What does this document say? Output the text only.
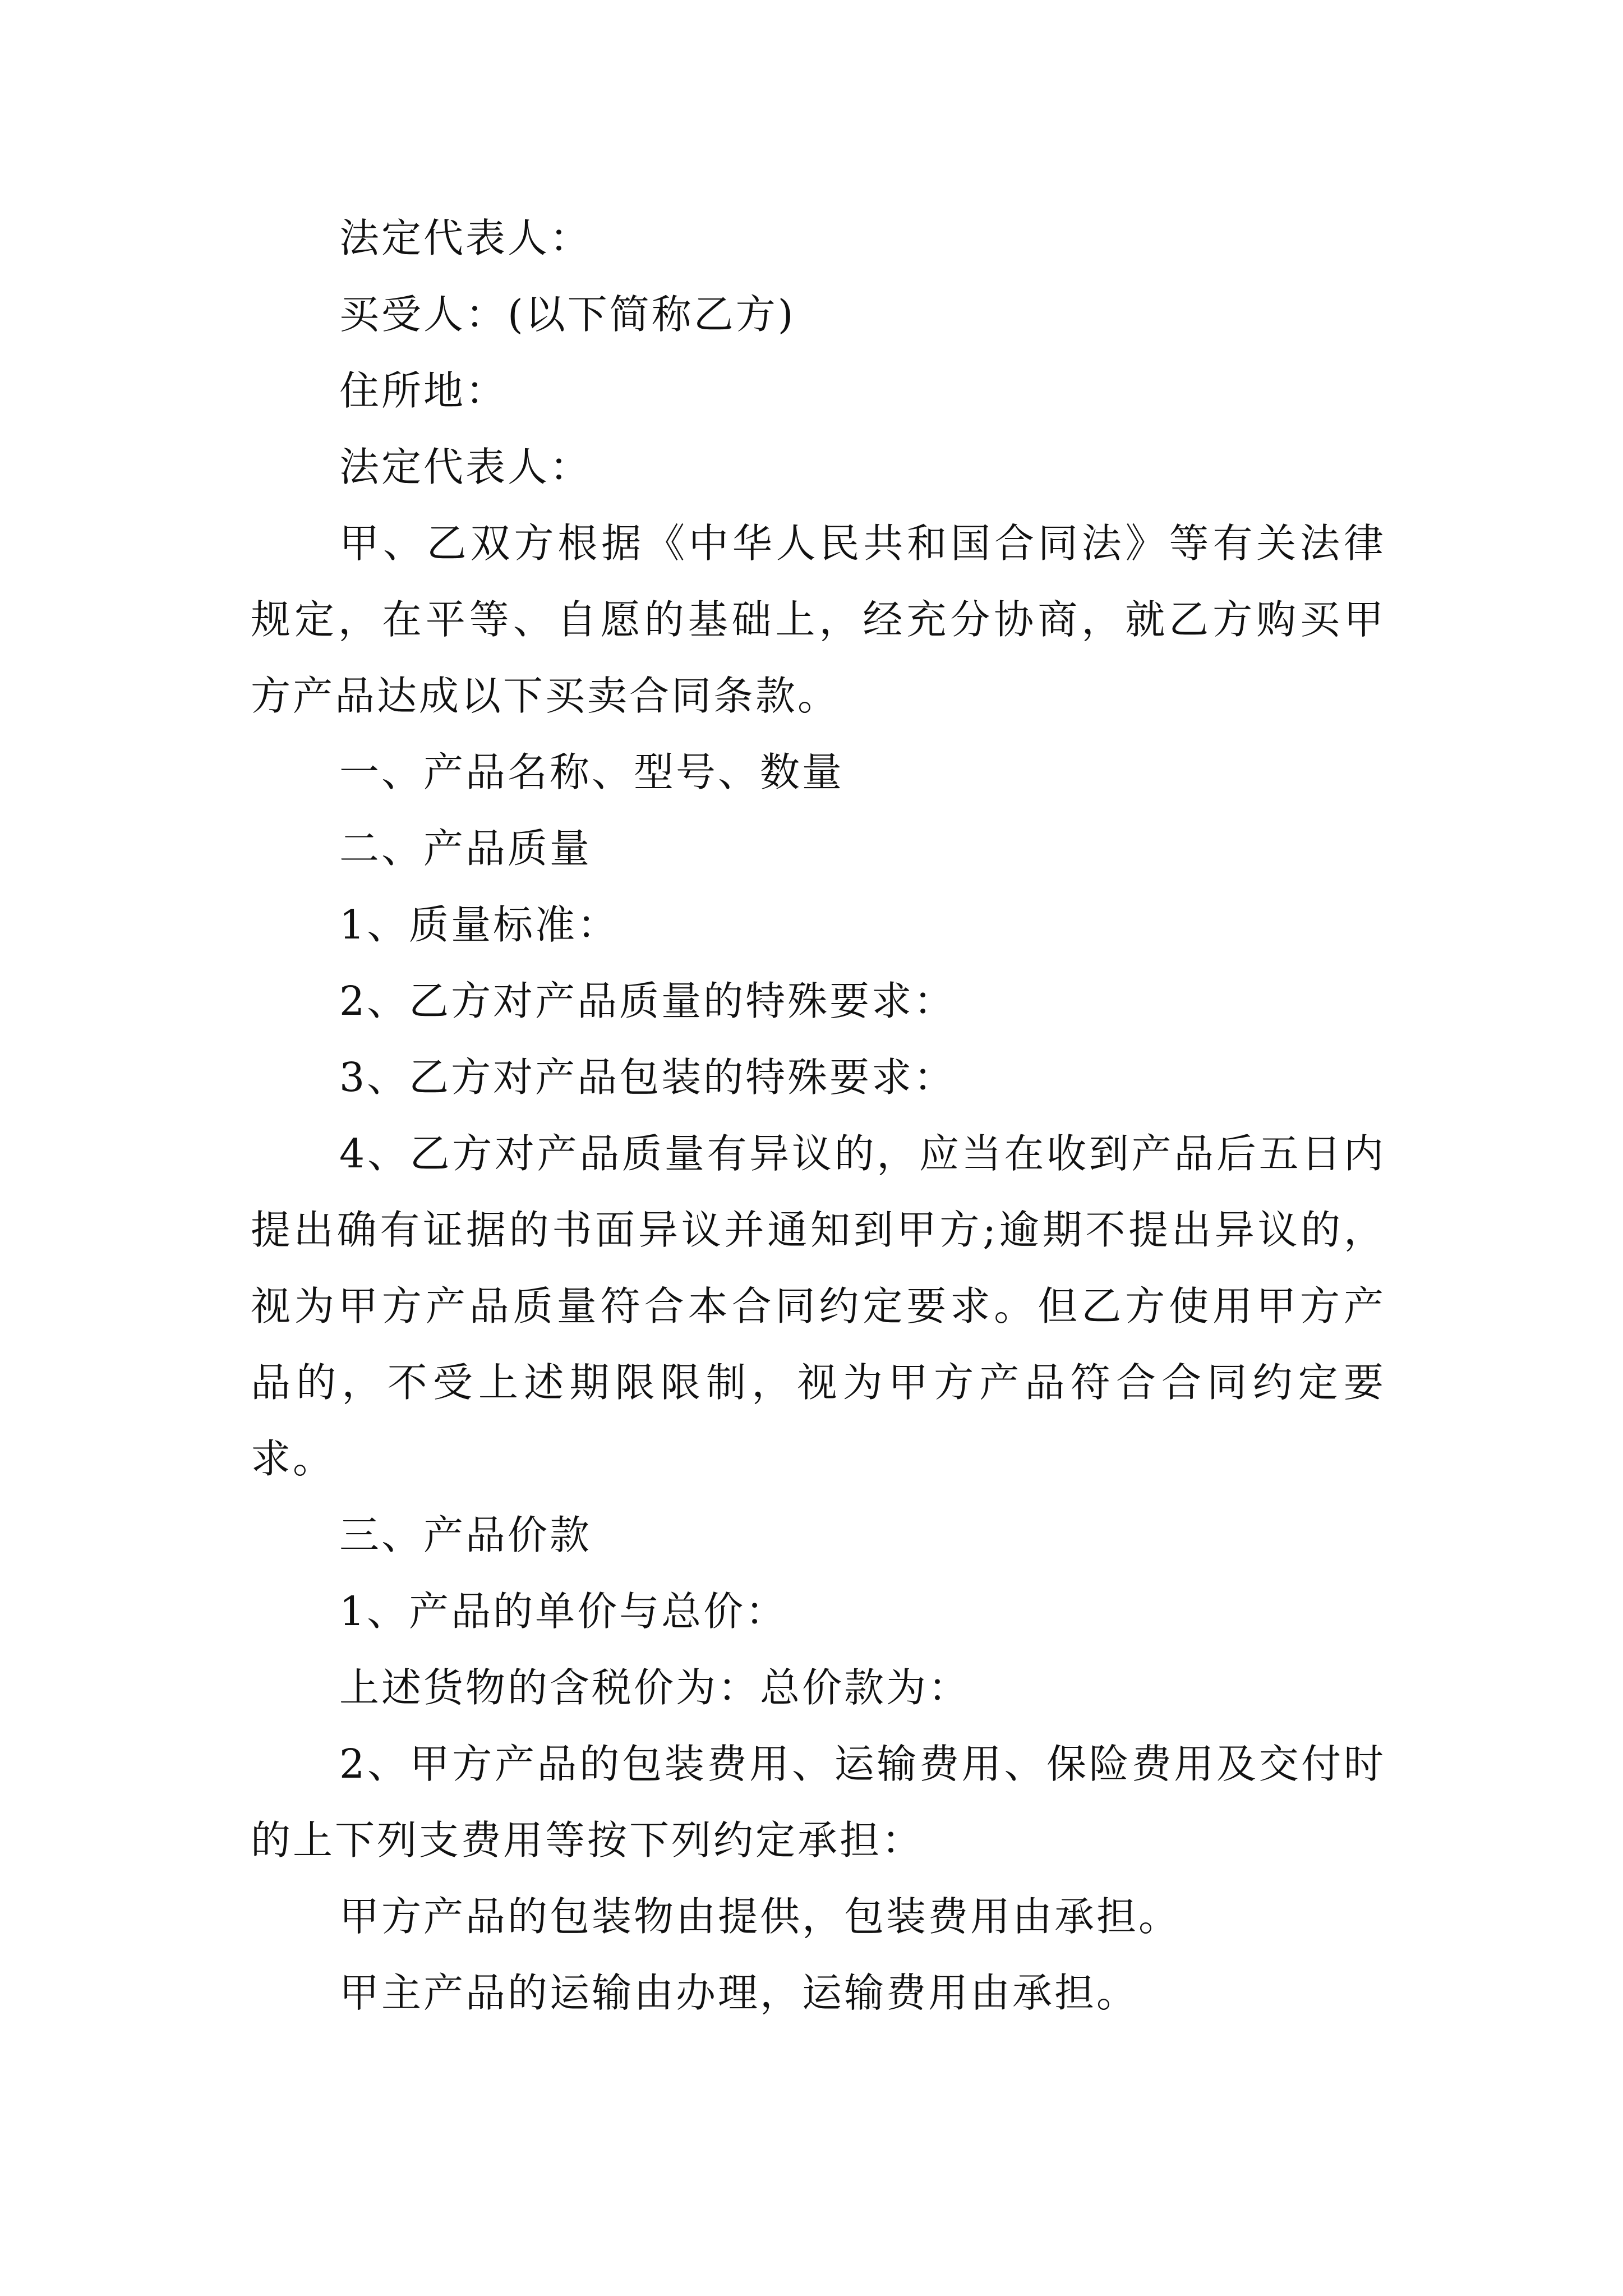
法定代表人：

买受人：(以下简称乙方)

住所地：

法定代表人：

甲、乙双方根据《中华人民共和国合同法》等有关法律规定，在平等、自愿的基础上，经充分协商，就乙方购买甲方产品达成以下买卖合同条款。

一、产品名称、型号、数量

二、产品质量

1、质量标准：

2、乙方对产品质量的特殊要求：

3、乙方对产品包装的特殊要求：

4、乙方对产品质量有异议的，应当在收到产品后五日内提出确有证据的书面异议并通知到甲方;逾期不提出异议的，视为甲方产品质量符合本合同约定要求。但乙方使用甲方产品的，不受上述期限限制，视为甲方产品符合合同约定要求。

三、产品价款

1、产品的单价与总价：

上述货物的含税价为：总价款为：

2、甲方产品的包装费用、运输费用、保险费用及交付时的上下列支费用等按下列约定承担：

甲方产品的包装物由提供，包装费用由承担。

甲主产品的运输由办理，运输费用由承担。
